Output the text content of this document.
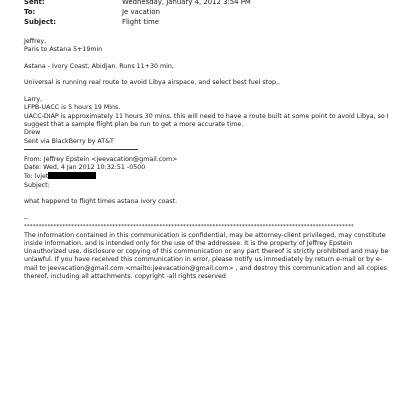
Sent:	Wednesday, January 4, 2012 3:54 PM
To:	Je vacation
Subject:	Flight time
Jeffrey,
Paris to Astana 5+19min
Astana - Ivory Coast, Abidjan. Runs 11+30 min,
Universal is running real route to avoid Libya airspace, and select best fuel stop,.
Larry,
LFPB-UACC is 5 hours 19 Mins.
UACC-DIAP is approximately 11 hours 30 mins. this will need to have a route built at some point to avoid Libya, so I
suggest that a sample flight plan be run to get a more accurate time.
Drew
Sent via BlackBerry by AT&T
From: Jeffrey Epstein <jeevacation@gmail.com>
Date: Wed, 4 Jan 2012 10:32:51 -0500
To: lvjet
Subject:
what happend to flight times astana ivory coast.
--
****************************************************************************************************************
The information contained in this communication is confidential, may be attorney-client privileged, may constitute inside information, and is intended only for the use of the addressee. It is the property of Jeffrey Epstein Unauthorized use, disclosure or copying of this communication or any part thereof is strictly prohibited and may be unlawful. If you have received this communication in error, please notify us immediately by return e-mail or by e-mail to jeevacation@gmail.com <mailto:jeevacation@gmail.com> , and destroy this communication and all copies thereof, including all attachments. copyright -all rights reserved
